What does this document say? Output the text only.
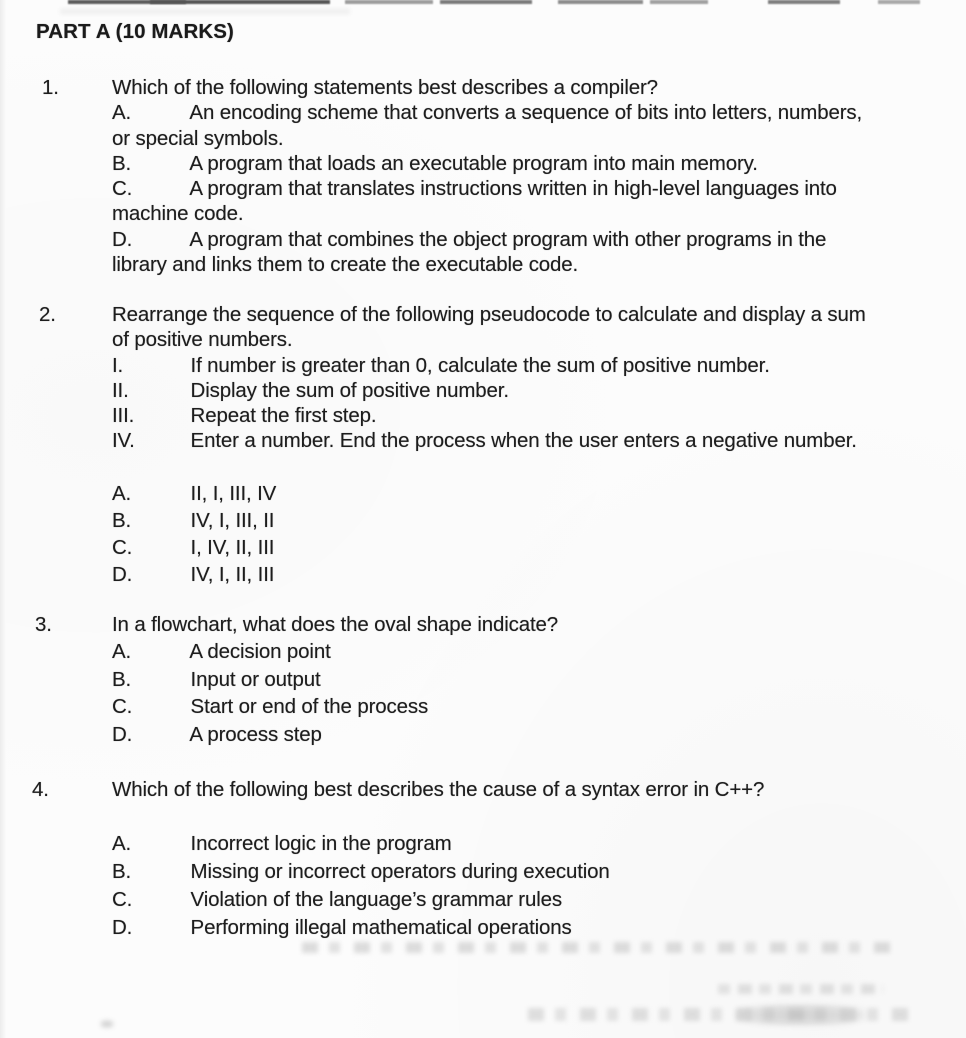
PART A (10 MARKS)
1.	Which of the following statements best describes a compiler?
A.	An encoding scheme that converts a sequence of bits into letters, numbers,
or special symbols.
B.	A program that loads an executable program into main memory.
C.	A program that translates instructions written in high-level languages into
machine code.
D.	A program that combines the object program with other programs in the
library and links them to create the executable code.
2.	Rearrange the sequence of the following pseudocode to calculate and display a sum
of positive numbers.
I.	If number is greater than 0, calculate the sum of positive number.
II.	Display the sum of positive number.
III.	Repeat the first step.
IV.	Enter a number. End the process when the user enters a negative number.
A.	II, I, III, IV
B.	IV, I, III, II
C.	I, IV, II, III
D.	IV, I, II, III
3.	In a flowchart, what does the oval shape indicate?
A.	A decision point
B.	Input or output
C.	Start or end of the process
D.	A process step
4.	Which of the following best describes the cause of a syntax error in C++?
A.	Incorrect logic in the program
B.	Missing or incorrect operators during execution
C.	Violation of the language’s grammar rules
D.	Performing illegal mathematical operations
